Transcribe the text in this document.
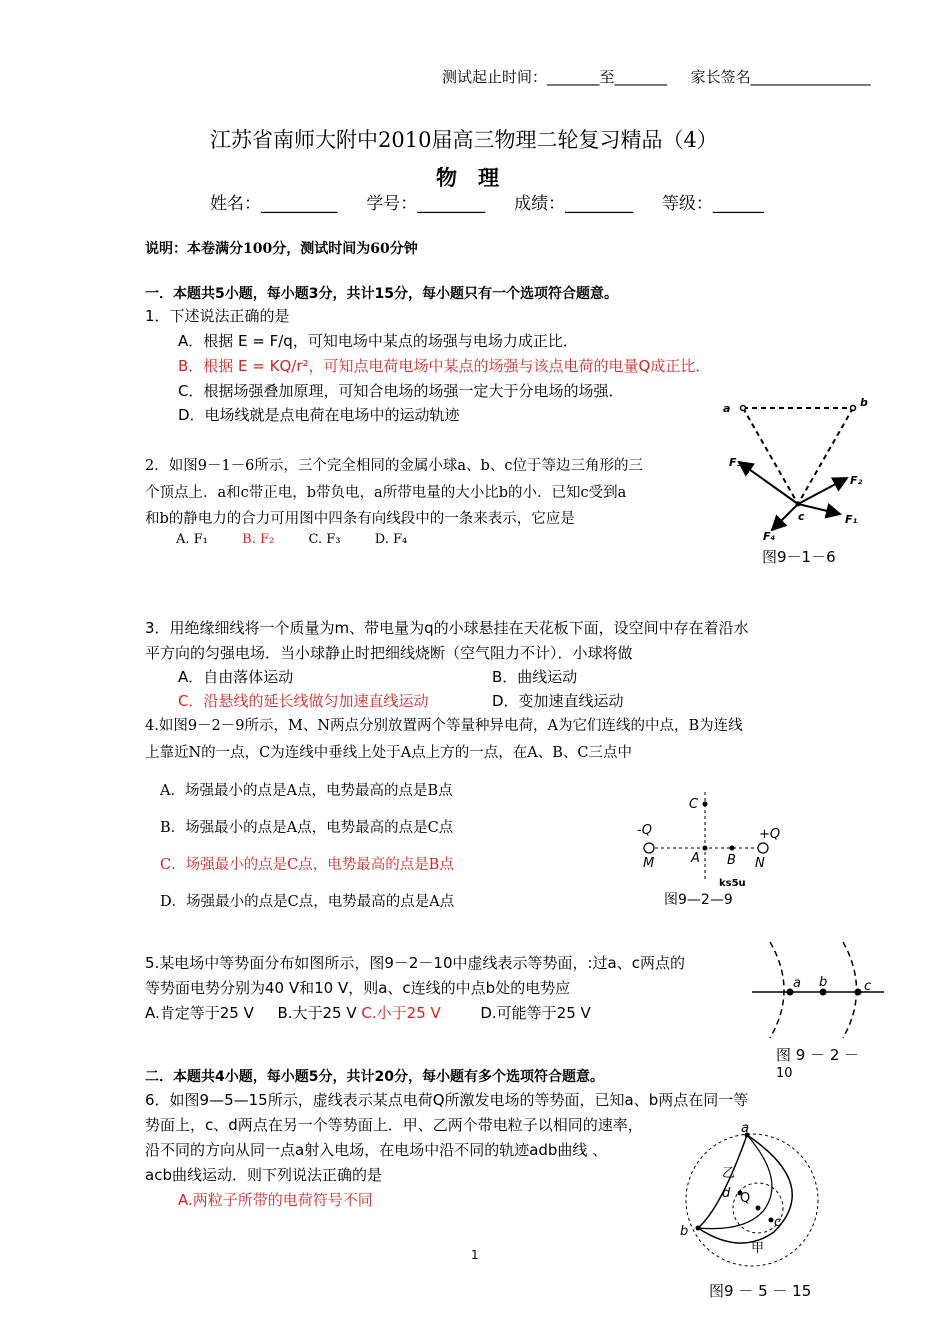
测试起止时间：_______至_______ 家长签名________________
江苏省南师大附中2010届高三物理二轮复习精品（4）
物　理
姓名：_________ 学号：________ 成绩：________ 等级：______
说明：本卷满分100分，测试时间为60分钟
一．本题共5小题，每小题3分，共计15分，每小题只有一个选项符合题意。
1．下述说法正确的是
A．根据 E = F/q，可知电场中某点的场强与电场力成正比．
B．根据 E = KQ/r²，可知点电荷电场中某点的场强与该点电荷的电量Q成正比．
C．根据场强叠加原理，可知合电场的场强一定大于分电场的场强．
D．电场线就是点电荷在电场中的运动轨迹
2．如图9－1－6所示，三个完全相同的金属小球a、b、c位于等边三角形的三
个顶点上．a和c带正电，b带负电，a所带电量的大小比b的小．已知c受到a
和b的静电力的合力可用图中四条有向线段中的一条来表示，它应是
A. F₁	B. F₂	C. F₃	D. F₄
a	b
c	F₁
F₂
F₃
F₄
图9－1－6
3．用绝缘细线将一个质量为m、带电量为q的小球悬挂在天花板下面，设空间中存在着沿水
平方向的匀强电场．当小球静止时把细线烧断（空气阻力不计）．小球将做
A．自由落体运动	B．曲线运动
C．沿悬线的延长线做匀加速直线运动	D．变加速直线运动
4.如图9－2－9所示，M、N两点分别放置两个等量种异电荷，A为它们连线的中点，B为连线
上靠近N的一点，C为连线中垂线上处于A点上方的一点，在A、B、C三点中
A．场强最小的点是A点，电势最高的点是B点
B．场强最小的点是A点，电势最高的点是C点
C．场强最小的点是C点，电势最高的点是B点
D．场强最小的点是C点，电势最高的点是A点
C
-Q	+Q
M	A B N
ks5u
图9—2—9
5.某电场中等势面分布如图所示，图9－2－10中虚线表示等势面，:过a、c两点的
等势面电势分别为40 V和10 V，则a、c连线的中点b处的电势应
A.肯定等于25 V B.大于25 V C.小于25 V	D.可能等于25 V
a b	c
图 9 － 2 －
10
二．本题共4小题，每小题5分，共计20分，每小题有多个选项符合题意。
6．如图9—5—15所示，虚线表示某点电荷Q所激发电场的等势面，已知a、b两点在同一等
势面上，c、d两点在另一个等势面上．甲、乙两个带电粒子以相同的速率，
沿不同的方向从同一点a射入电场，在电场中沿不同的轨迹adb曲线 、
acb曲线运动．则下列说法正确的是
A.两粒子所带的电荷符号不同
a
b
c
d Q
乙
甲
图9 － 5 － 15
1
